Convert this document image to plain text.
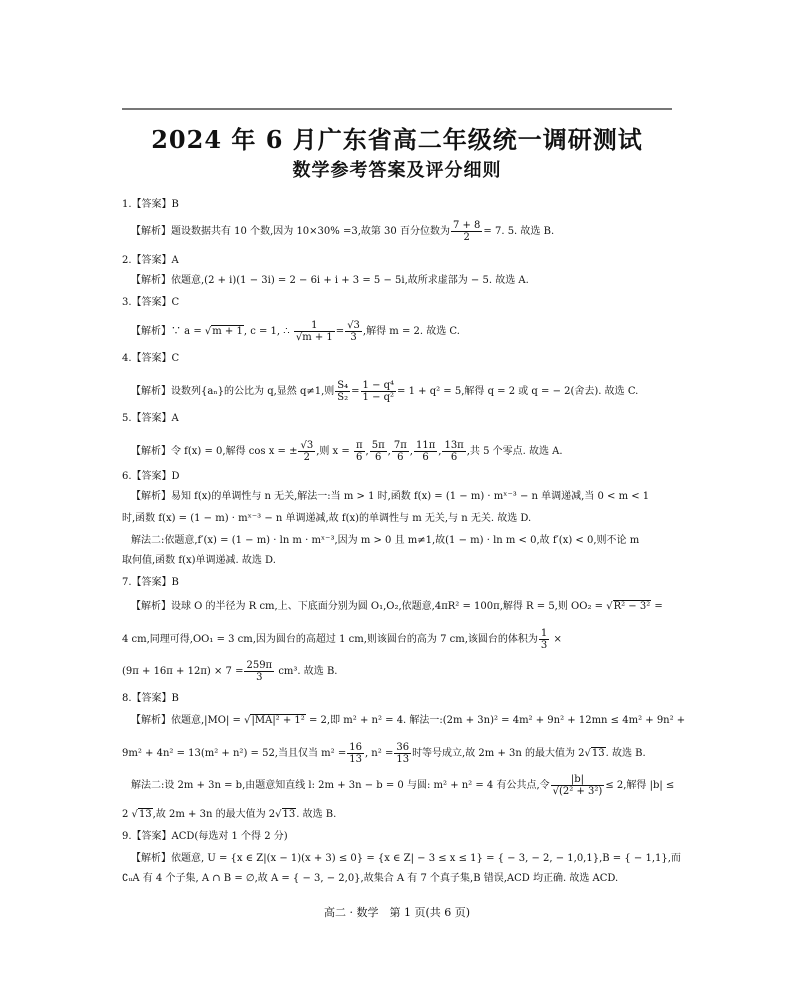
2024 年 6 月广东省高二年级统一调研测试
数学参考答案及评分细则
1.【答案】B
【解析】题设数据共有 10 个数,因为 10×30% =3,故第 30 百分位数为 $\frac{7 + 8}{2} = 7$. 5. 故选 B.
2.【答案】A
【解析】依题意,(2 + i)(1 − 3i) = 2 − 6i + i + 3 = 5 − 5i,故所求虚部为 − 5. 故选 A.
3.【答案】C
【解析】∵ a = √m + 1, c = 1, ∴ $\frac{1}{√m + 1} = \frac{√3}{3}$ ,解得 m = 2. 故选 C.
4.【答案】C
【解析】设数列{aₙ}的公比为 q,显然 q≠1,则 $\frac{\text{S₄}}{\text{S₂}} = \frac{\text{1 − q⁴}}{\text{1 − q²}} = 1 + q^2 = 5$,解得 q = 2 或 q = − 2(舍去). 故选 C.
5.【答案】A
【解析】令 f(x) = 0,解得 cos x = ± $\frac{√3}{2}$ ,则 $x = \frac{\pi}{6}$ , $\frac{5\pi}{6}$ , $\frac{7\pi}{6}$ , $\frac{11\pi}{6}$ , $\frac{13\pi}{6}$ ,共 5 个零点. 故选 A.
6.【答案】D
【解析】易知 f(x)的单调性与 n 无关,解法一:当 m > 1 时,函数 f(x) = (1 − m) · mˣ⁻³ − n 单调递减,当 0 < m < 1
时,函数 f(x) = (1 − m) · mˣ⁻³ − n 单调递减,故 f(x)的单调性与 m 无关,与 n 无关. 故选 D.
解法二:依题意,f′(x) = (1 − m) · ln m · mˣ⁻³,因为 m > 0 且 m≠1,故(1 − m) · ln m < 0,故 f′(x) < 0,则不论 m
取何值,函数 f(x)单调递减. 故选 D.
7.【答案】B
【解析】设球 O 的半径为 R cm,上、下底面分别为圆 O₁,O₂,依题意,4πR² = 100π,解得 R = 5,则 OO₂ = √R² − 3² =
4 cm,同理可得,OO₁ = 3 cm,因为圆台的高超过 1 cm,则该圆台的高为 7 cm,该圆台的体积为 $\frac{1}{3}$ ×
$(9\pi + 16\pi + 12\pi) \times 7 = \frac{259\pi}{3} cm^3$. 故选 B.
8.【答案】B
【解析】依题意,|MO| = √|MA|² + 1² = 2,即 m² + n² = 4. 解法一:(2m + 3n)² = 4m² + 9n² + 12mn ≤ 4m² + 9n² +
9m² + 4n² = 13(m² + n²) = 52,当且仅当 $m^2 = \frac{16}{13}$ , $n^2 = \frac{36}{13}$ 时等号成立,故 2m + 3n 的最大值为 2√13. 故选 B.
解法二:设 2m + 3n = b,由题意知直线 l: 2m + 3n − b = 0 与圆: m² + n² = 4 有公共点,令 $\frac{|b|}{\text{√(2² + 3²)}} \le 2$,解得 |b| ≤
2 √13,故 2m + 3n 的最大值为 2√13. 故选 B.
9.【答案】ACD(每选对 1 个得 2 分)
【解析】依题意, U = {x ∈ Z|(x − 1)(x + 3) ≤ 0} = {x ∈ Z| − 3 ≤ x ≤ 1} = { − 3, − 2, − 1,0,1},B = { − 1,1},而
∁ᵤA 有 4 个子集, A ∩ B = ∅,故 A = { − 3, − 2,0},故集合 A 有 7 个真子集,B 错误,ACD 均正确. 故选 ACD.
高二 · 数学　第 1 页(共 6 页)
